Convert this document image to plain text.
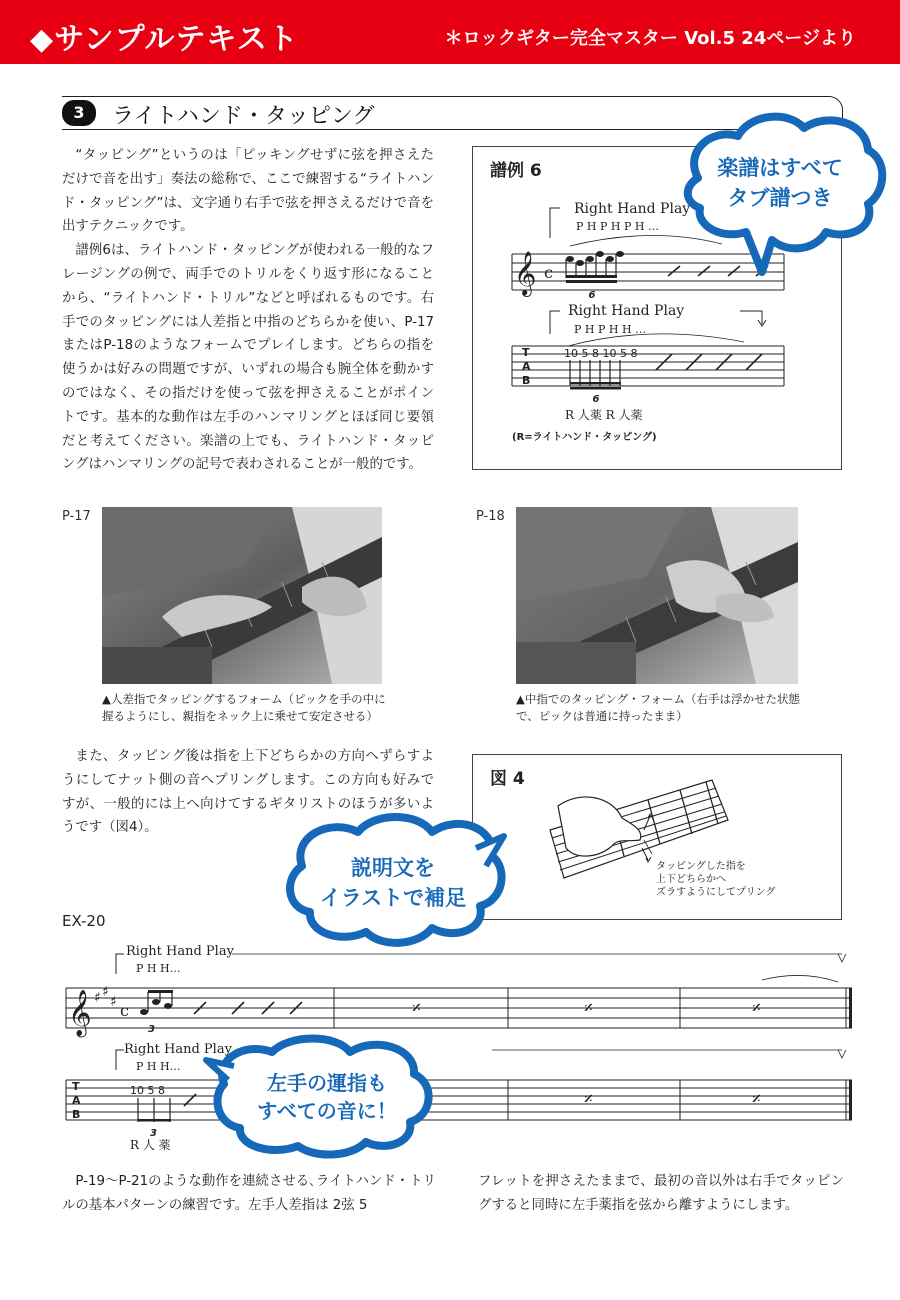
◆サンプルテキスト	＊ロックギター完全マスター Vol.5 24ページより
3	ライトハンド・タッピング

“タッピング”というのは「ピッキングせずに弦を押さえただけで音を出す」奏法の総称で、ここで練習する“ライトハンド・タッピング”は、文字通り右手で弦を押さえるだけで音を出すテクニックです。

譜例6は、ライトハンド・タッピングが使われる一般的なフレージングの例で、両手でのトリルをくり返す形になることから、“ライトハンド・トリル”などと呼ばれるものです。右手でのタッピングには人差指と中指のどちらかを使い、P-17またはP-18のようなフォームでプレイします。どちらの指を使うかは好みの問題ですが、いずれの場合も腕全体を動かすのではなく、その指だけを使って弦を押さえることがポイントです。基本的な動作は左手のハンマリングとほぼ同じ要領だと考えてください。楽譜の上でも、ライトハンド・タッピングはハンマリングの記号で表わされることが一般的です。

譜例 6
𝄞 c
6
T
A
B
10 5 8 10 5 8
6
Right Hand Play
P H P H P H …
Right Hand Play
P H P H H …
R 人薬 R 人薬
(R=ライトハンド・タッピング)
楽譜はすべて
タブ譜つき
P-17
▲人差指でタッピングするフォーム（ピックを手の中に握るようにし、親指をネック上に乗せて安定させる）
P-18
▲中指でのタッピング・フォーム（右手は浮かせた状態で、ピックは普通に持ったまま）

また、タッピング後は指を上下どちらかの方向へずらすようにしてナット側の音へプリングします。この方向も好みですが、一般的には上へ向けてするギタリストのほうが多いようです（図4）。

図 4
タッピングした指を
上下どちらかへ
ズラすようにしてプリング
説明文を
イラストで補足
EX-20
𝄞 ♯ ♯
♯ c
3
𝄎	𝄎	𝄎
T
A
B
10 5 8
3
𝄎	𝄎
Right Hand Play
P H H…
Right Hand Play
P H H…
R 人 薬
左手の運指も
すべての音に！

P-19〜P-21のような動作を連続させる､ライトハンド・トリルの基本パターンの練習です。左手人差指は 2弦 5

フレットを押さえたままで、最初の音以外は右手でタッピングすると同時に左手薬指を弦から離すようにします。
